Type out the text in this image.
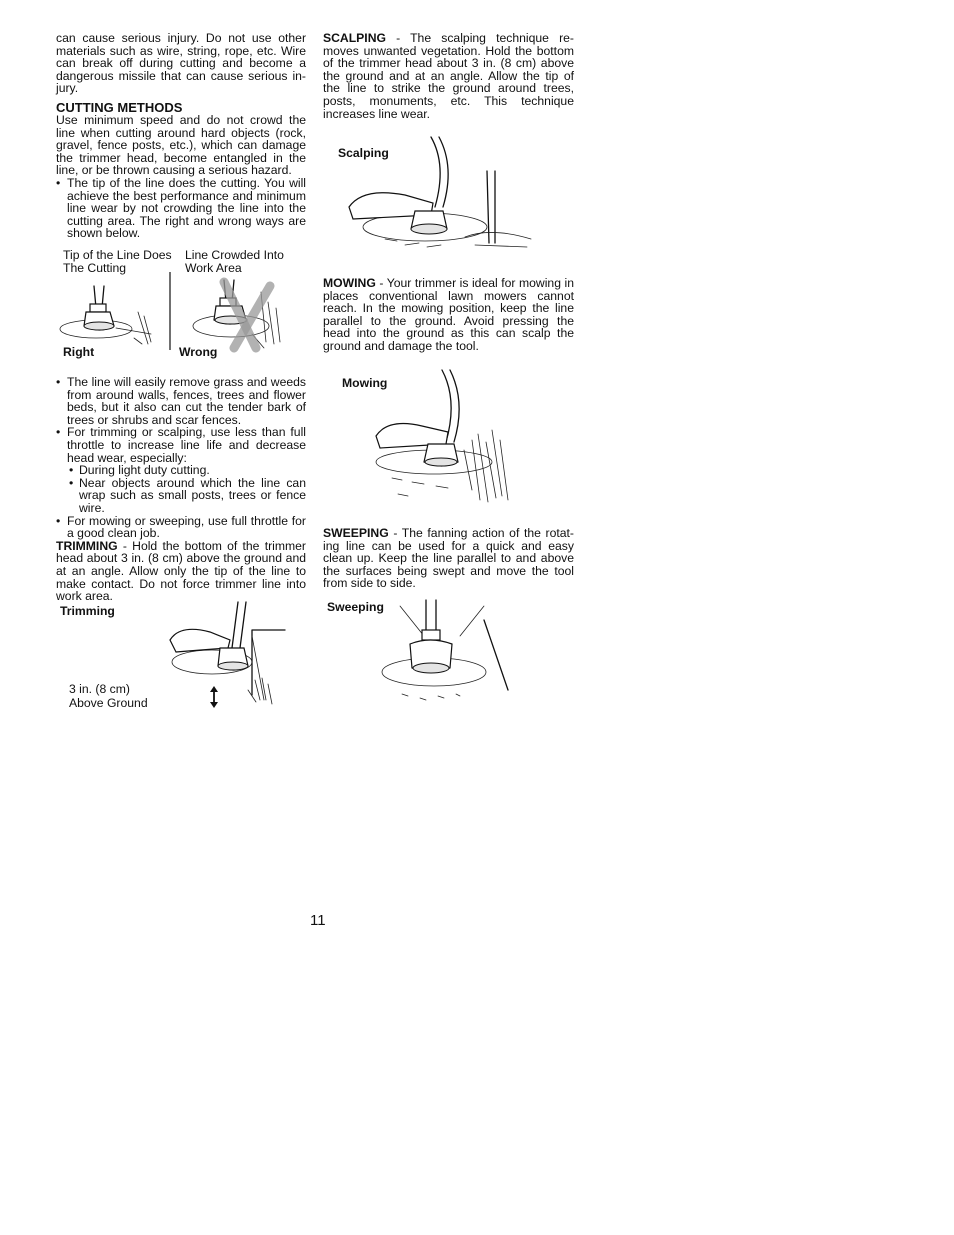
can cause serious injury. Do not use other materials such as wire, string, rope, etc. Wire can break off during cutting and become a dangerous missile that can cause serious in-jury.

CUTTING METHODS

Use minimum speed and do not crowd the line when cutting around hard objects (rock, gravel, fence posts, etc.), which can damage the trimmer head, become entangled in the line, or be thrown causing a serious hazard.

• The tip of the line does the cutting. You will achieve the best performance and minimum line wear by not crowding the line into the cutting area. The right and wrong ways are shown below.
Tip of the Line Does The Cutting
Line Crowded Into Work Area
Right	Wrong
• The line will easily remove grass and weeds from around walls, fences, trees and flower beds, but it also can cut the tender bark of trees or shrubs and scar fences.
• For trimming or scalping, use less than full throttle to increase line life and decrease head wear, especially:
• During light duty cutting.
• Near objects around which the line can wrap such as small posts, trees or fence wire.
• For mowing or sweeping, use full throttle for a good clean job.

TRIMMING - Hold the bottom of the trimmer head about 3 in. (8 cm) above the ground and at an angle. Allow only the tip of the line to make contact. Do not force trimmer line into work area.

Trimming
3 in. (8 cm)
Above Ground

SCALPING - The scalping technique re-moves unwanted vegetation. Hold the bottom of the trimmer head about 3 in. (8 cm) above the ground and at an angle. Allow the tip of the line to strike the ground around trees, posts, monuments, etc. This technique increases line wear.

Scalping

MOWING - Your trimmer is ideal for mowing in places conventional lawn mowers cannot reach. In the mowing position, keep the line parallel to the ground. Avoid pressing the head into the ground as this can scalp the ground and damage the tool.

Mowing

SWEEPING - The fanning action of the rotat-ing line can be used for a quick and easy clean up. Keep the line parallel to and above the surfaces being swept and move the tool from side to side.

Sweeping
11
